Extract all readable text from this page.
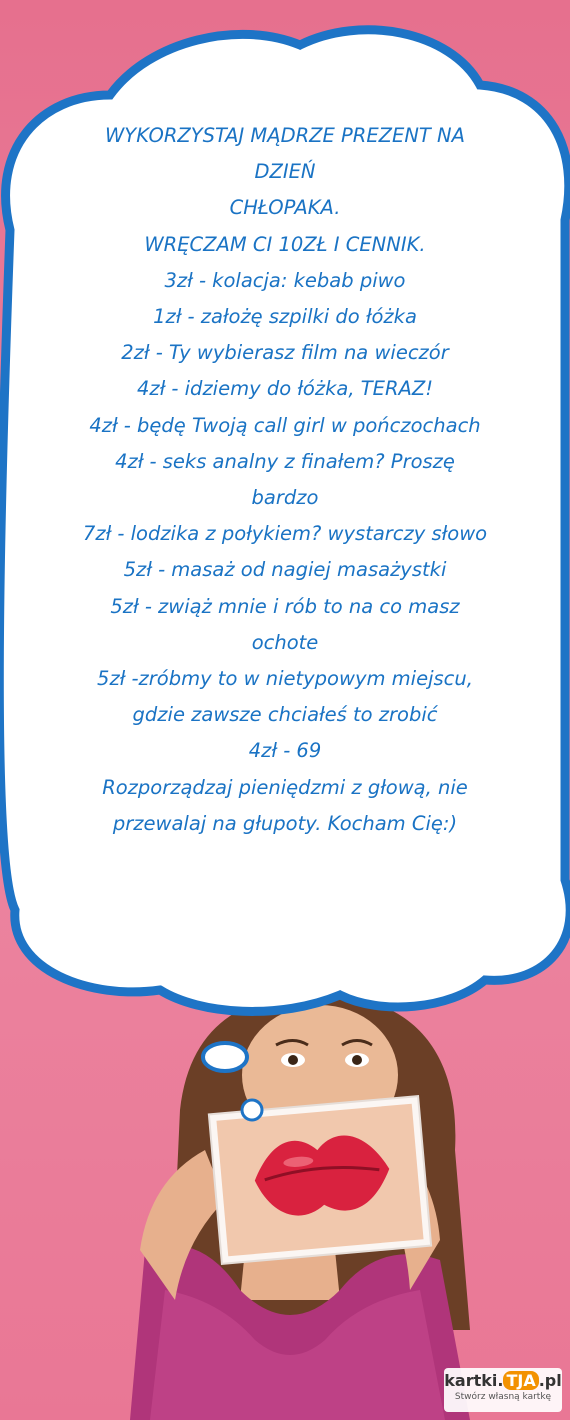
WYKORZYSTAJ MĄDRZE PREZENT NA
DZIEŃ
CHŁOPAKA.
WRĘCZAM CI 10ZŁ I CENNIK.
3zł - kolacja: kebab piwo
1zł - założę szpilki do łóżka
2zł - Ty wybierasz film na wieczór
4zł - idziemy do łóżka, TERAZ!
4zł - będę Twoją call girl w pończochach
4zł - seks analny z finałem? Proszę
bardzo
7zł - lodzika z połykiem? wystarczy słowo
5zł - masaż od nagiej masażystki
5zł - zwiąż mnie i rób to na co masz
ochote
5zł -zróbmy to w nietypowym miejscu,
gdzie zawsze chciałeś to zrobić
4zł - 69
Rozporządzaj pieniędzmi z głową, nie
przewalaj na głupoty. Kocham Cię:)
kartki. TJA .pl
Stwórz własną kartkę
